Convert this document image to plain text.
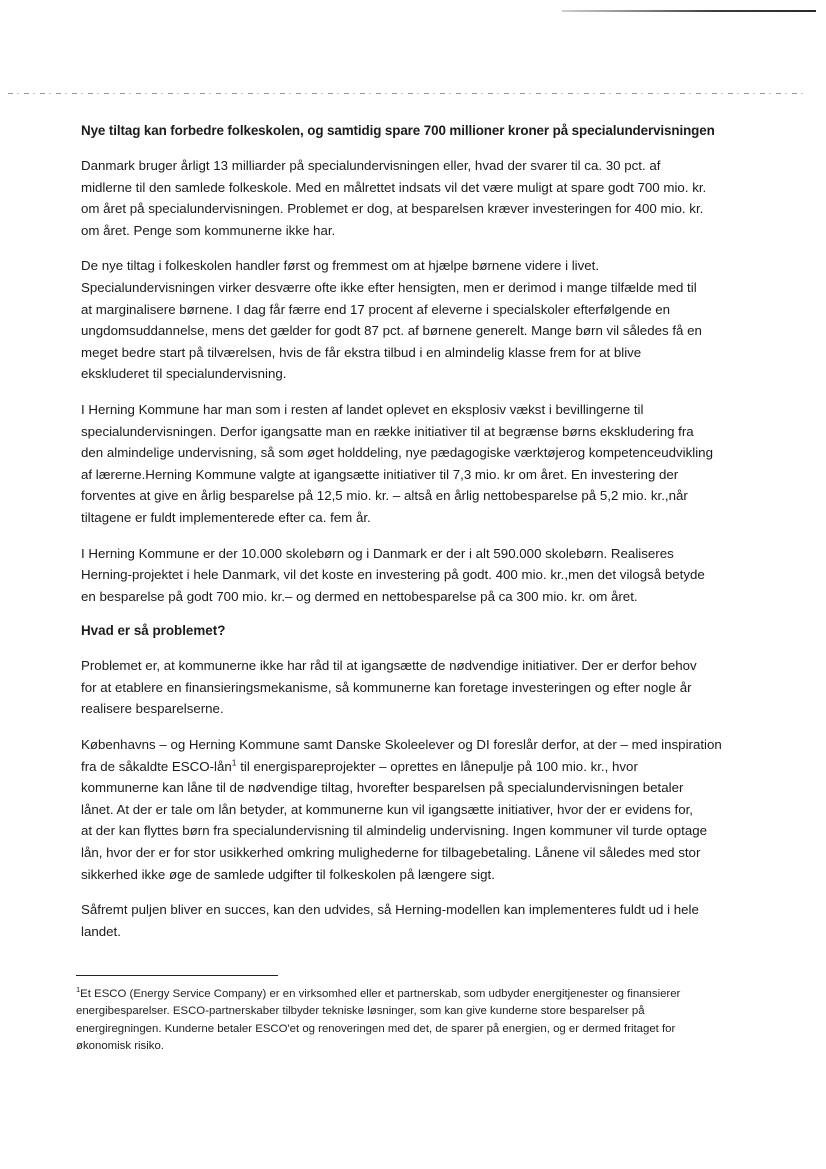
Nye tiltag kan forbedre folkeskolen, og samtidig spare 700 millioner kroner på specialundervisningen
Danmark bruger årligt 13 milliarder på specialundervisningen eller, hvad der svarer til ca. 30 pct. af
midlerne til den samlede folkeskole. Med en målrettet indsats vil det være muligt at spare godt 700 mio. kr.
om året på specialundervisningen. Problemet er dog, at besparelsen kræver investeringen for 400 mio. kr.
om året. Penge som kommunerne ikke har.
De nye tiltag i folkeskolen handler først og fremmest om at hjælpe børnene videre i livet.
Specialundervisningen virker desværre ofte ikke efter hensigten, men er derimod i mange tilfælde med til
at marginalisere børnene. I dag får færre end 17 procent af eleverne i specialskoler efterfølgende en
ungdomsuddannelse, mens det gælder for godt 87 pct. af børnene generelt. Mange børn vil således få en
meget bedre start på tilværelsen, hvis de får ekstra tilbud i en almindelig klasse frem for at blive
ekskluderet til specialundervisning.
I Herning Kommune har man som i resten af landet oplevet en eksplosiv vækst i bevillingerne til
specialundervisningen. Derfor igangsatte man en række initiativer til at begrænse børns ekskludering fra
den almindelige undervisning, så som øget holddeling, nye pædagogiske værktøjerog kompetenceudvikling
af lærerne.Herning Kommune valgte at igangsætte initiativer til 7,3 mio. kr om året. En investering der
forventes at give en årlig besparelse på 12,5 mio. kr. – altså en årlig nettobesparelse på 5,2 mio. kr.,når
tiltagene er fuldt implementerede efter ca. fem år.
I Herning Kommune er der 10.000 skolebørn og i Danmark er der i alt 590.000 skolebørn. Realiseres
Herning-projektet i hele Danmark, vil det koste en investering på godt. 400 mio. kr.,men det vilogså betyde
en besparelse på godt 700 mio. kr.– og dermed en nettobesparelse på ca 300 mio. kr. om året.
Hvad er så problemet?
Problemet er, at kommunerne ikke har råd til at igangsætte de nødvendige initiativer. Der er derfor behov
for at etablere en finansieringsmekanisme, så kommunerne kan foretage investeringen og efter nogle år
realisere besparelserne.
Københavns – og Herning Kommune samt Danske Skoleelever og DI foreslår derfor, at der – med inspiration
fra de såkaldte ESCO-lån$^1$ til energispareprojekter – oprettes en lånepulje på 100 mio. kr., hvor
kommunerne kan låne til de nødvendige tiltag, hvorefter besparelsen på specialundervisningen betaler
lånet. At der er tale om lån betyder, at kommunerne kun vil igangsætte initiativer, hvor der er evidens for,
at der kan flyttes børn fra specialundervisning til almindelig undervisning. Ingen kommuner vil turde optage
lån, hvor der er for stor usikkerhed omkring mulighederne for tilbagebetaling. Lånene vil således med stor
sikkerhed ikke øge de samlede udgifter til folkeskolen på længere sigt.
Såfremt puljen bliver en succes, kan den udvides, så Herning-modellen kan implementeres fuldt ud i hele
landet.
$^1$Et ESCO (Energy Service Company) er en virksomhed eller et partnerskab, som udbyder energitjenester og finansierer
energibesparelser. ESCO-partnerskaber tilbyder tekniske løsninger, som kan give kunderne store besparelser på
energiregningen. Kunderne betaler ESCO'et og renoveringen med det, de sparer på energien, og er dermed fritaget for
økonomisk risiko.
